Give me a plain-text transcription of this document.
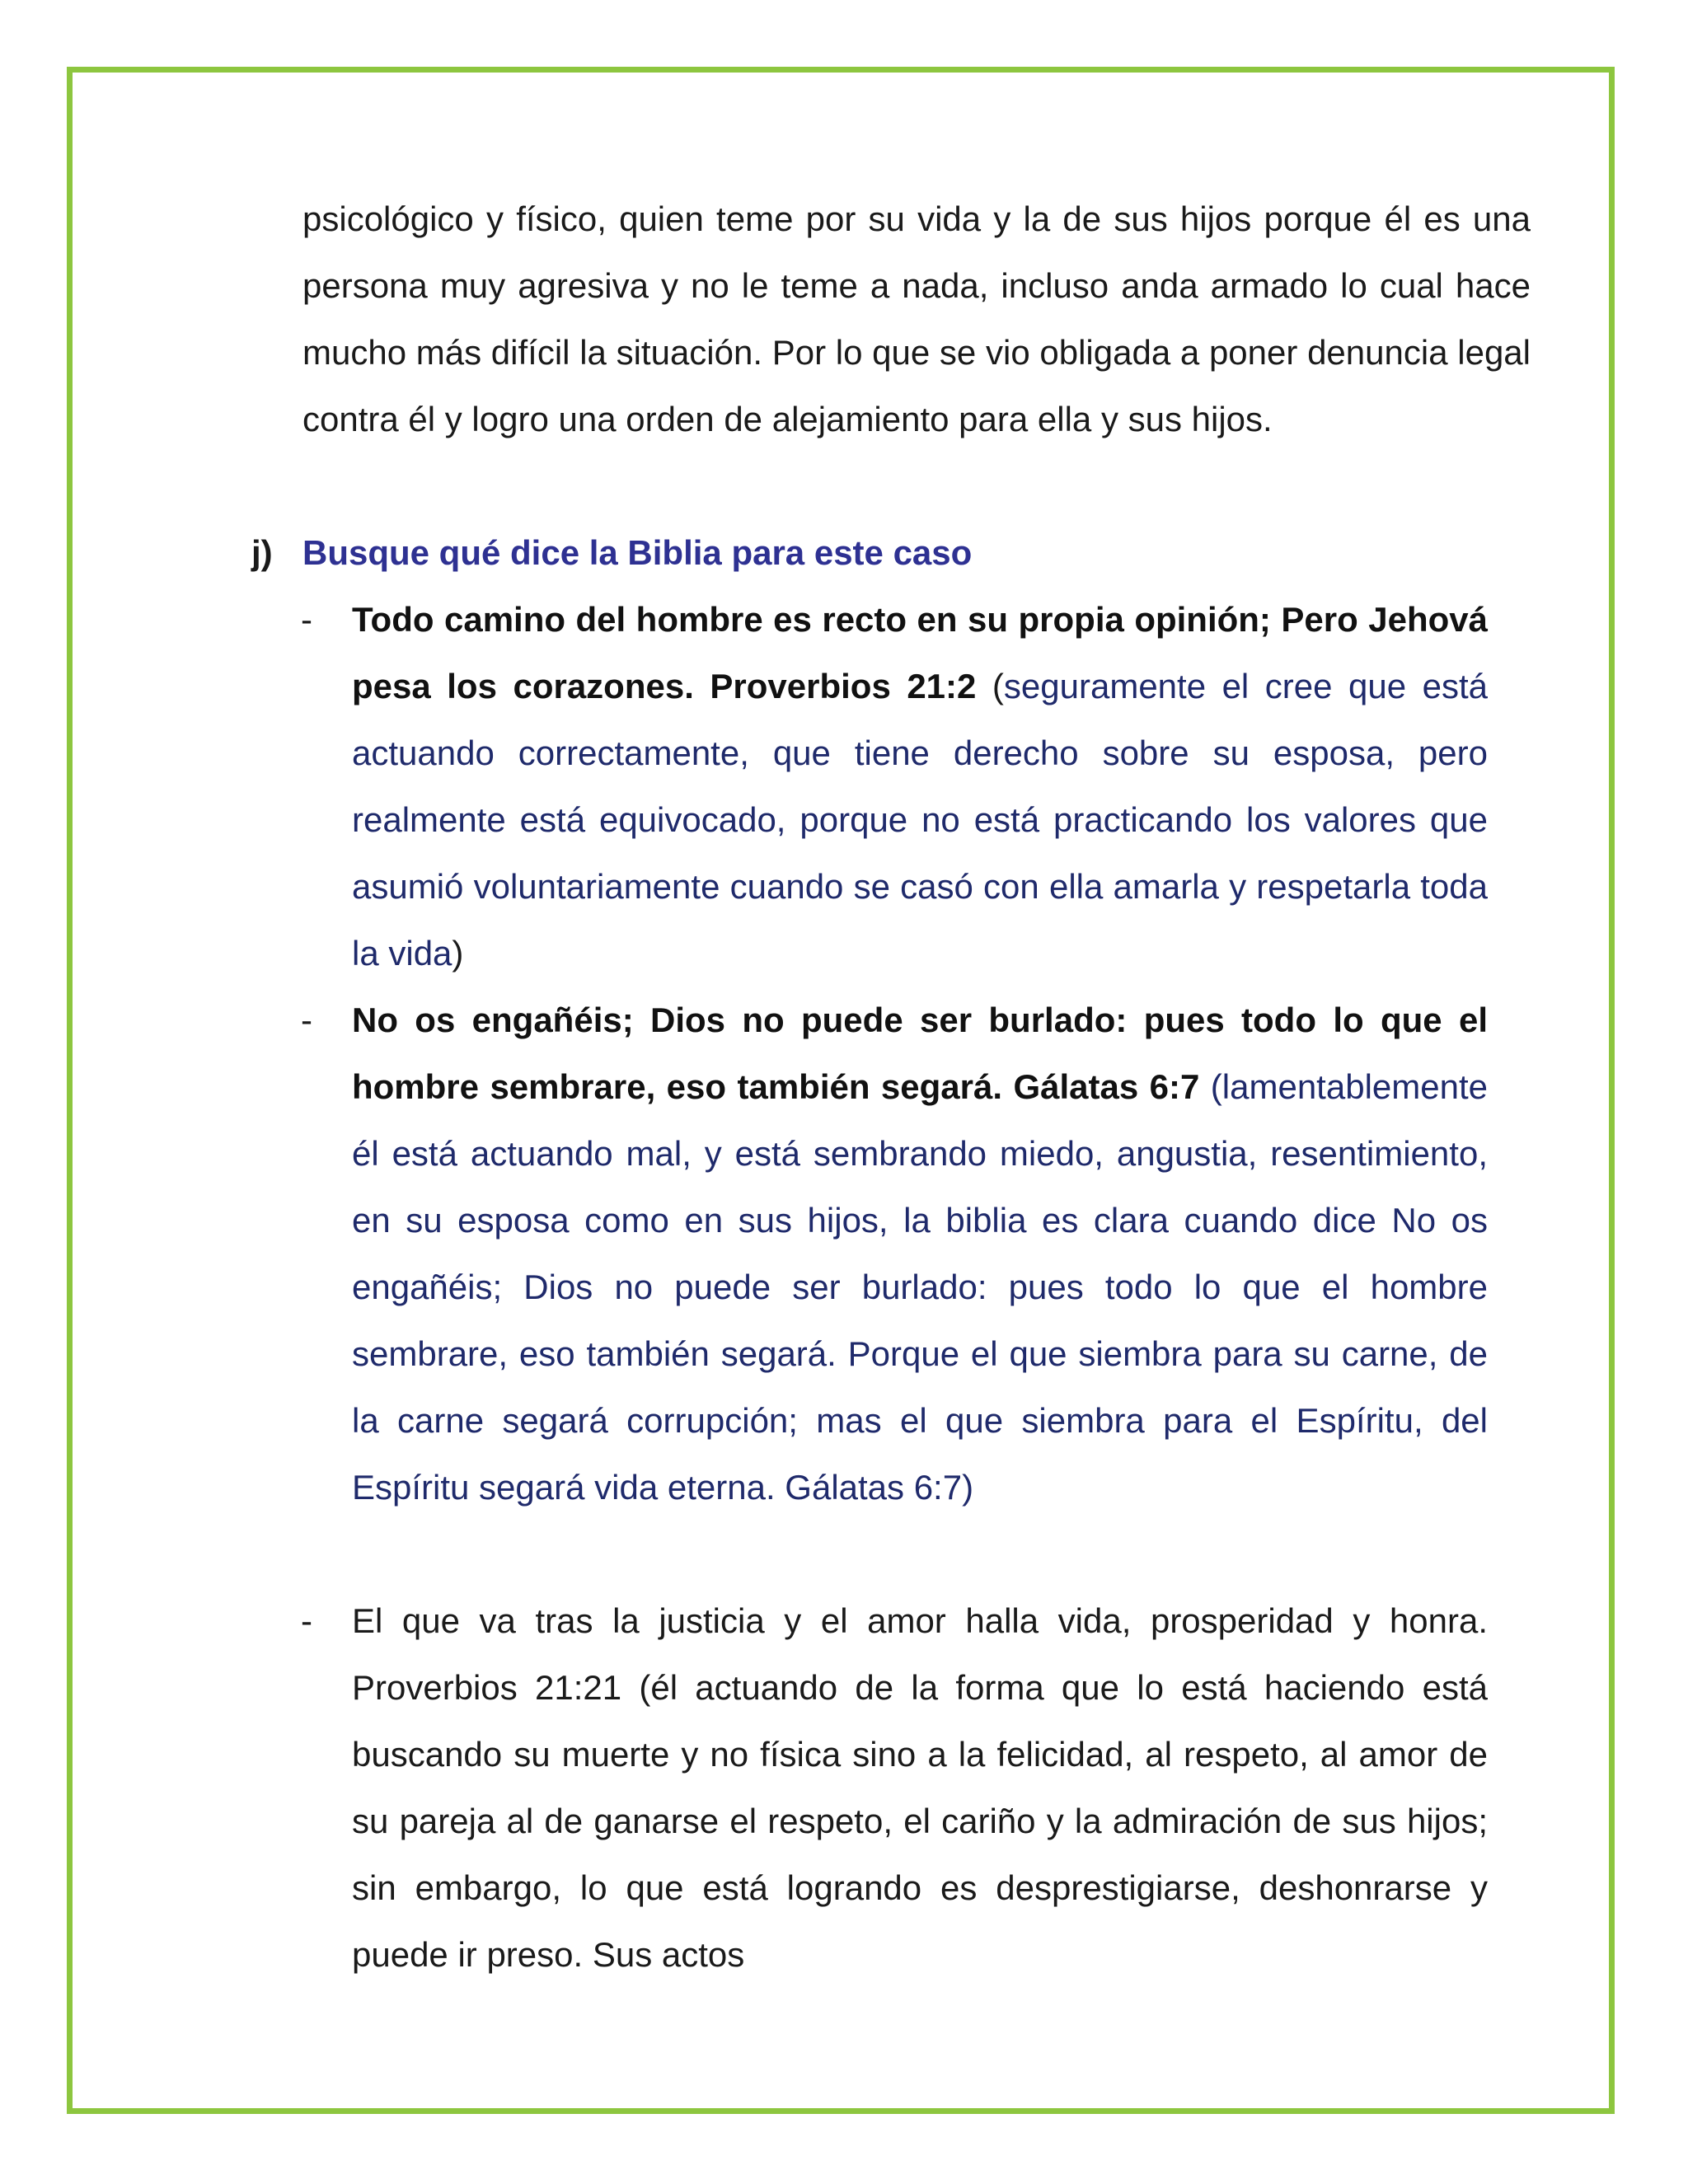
psicológico y físico, quien teme por su vida y la de sus hijos porque él es una persona muy agresiva y no le teme a nada, incluso anda armado lo cual hace mucho más difícil la situación. Por lo que se vio obligada a poner denuncia legal contra él y logro una orden de alejamiento para ella y sus hijos.

j) Busque qué dice la Biblia para este caso
-	Todo camino del hombre es recto en su propia opinión; Pero Jehová pesa los corazones. Proverbios 21:2 (seguramente el cree que está actuando correctamente, que tiene derecho sobre su esposa, pero realmente está equivocado, porque no está practicando los valores que asumió voluntariamente cuando se casó con ella amarla y respetarla toda la vida)

-	No os engañéis; Dios no puede ser burlado: pues todo lo que el hombre sembrare, eso también segará. Gálatas 6:7 (lamentablemente él está actuando mal, y está sembrando miedo, angustia, resentimiento, en su esposa como en sus hijos, la biblia es clara cuando dice No os engañéis; Dios no puede ser burlado: pues todo lo que el hombre sembrare, eso también segará. Porque el que siembra para su carne, de la carne segará corrupción; mas el que siembra para el Espíritu, del Espíritu segará vida eterna. Gálatas 6:7)

-	El que va tras la justicia y el amor halla vida, prosperidad y honra. Proverbios 21:21 (él actuando de la forma que lo está haciendo está buscando su muerte y no física sino a la felicidad, al respeto, al amor de su pareja al de ganarse el respeto, el cariño y la admiración de sus hijos; sin embargo, lo que está logrando es desprestigiarse, deshonrarse y puede ir preso. Sus actos
